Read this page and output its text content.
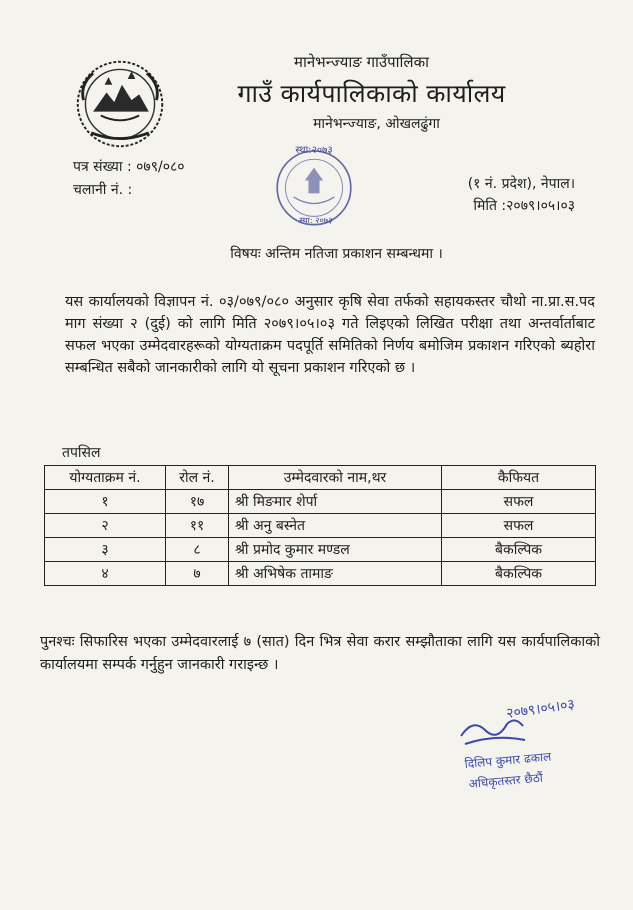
मानेभन्ज्याङ गाउँपालिका
गाउँ कार्यपालिकाको कार्यालय
मानेभन्ज्याङ, ओखलढुंगा
पत्र संख्या : ०७९/०८०
चलानी नं. :
स्था:२०७३
स्था: २०७३
(१ नं. प्रदेश), नेपाल।
मिति :२०७९।०५।०३
विषयः अन्तिम नतिजा प्रकाशन सम्बन्धमा ।
यस कार्यालयको विज्ञापन नं. ०३/०७९/०८० अनुसार कृषि सेवा तर्फको सहायकस्तर चौथो ना.प्रा.स.पद माग संख्या २ (दुई) को लागि मिति २०७९।०५।०३ गते लिइएको लिखित परीक्षा तथा अन्तर्वार्ताबाट सफल भएका उम्मेदवारहरूको योग्यताक्रम पदपूर्ति समितिको निर्णय बमोजिम प्रकाशन गरिएको ब्यहोरा सम्बन्धित सबैको जानकारीको लागि यो सूचना प्रकाशन गरिएको छ ।
तपसिल
योग्यताक्रम नं.	रोल नं.	उम्मेदवारको नाम,थर	कैफियत
१	१७	श्री मिङमार शेर्पा	सफल
२	११	श्री अनु बस्नेत	सफल
३	८	श्री प्रमोद कुमार मण्डल	बैकल्पिक
४	७	श्री अभिषेक तामाङ	बैकल्पिक
पुनश्चः सिफारिस भएका उम्मेदवारलाई ७ (सात) दिन भित्र सेवा करार सम्झौताका लागि यस कार्यपालिकाको कार्यालयमा सम्पर्क गर्नुहुन जानकारी गराइन्छ ।
२०७९।०५।०३
दिलिप कुमार ढकाल
अधिकृतस्तर छैठौं
